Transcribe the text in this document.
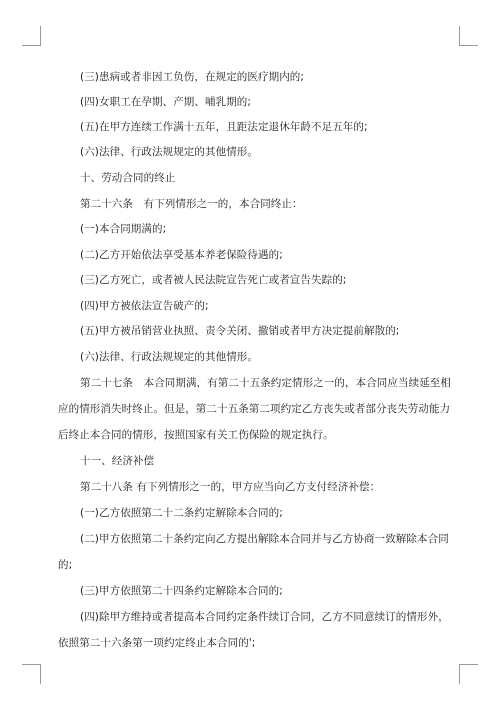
(三)患病或者非因工负伤，在规定的医疗期内的;
(四)女职工在孕期、产期、哺乳期的;
(五)在甲方连续工作满十五年，且距法定退休年龄不足五年的;
(六)法律、行政法规规定的其他情形。
十、劳动合同的终止
第二十六条　有下列情形之一的，本合同终止：
(一)本合同期满的;
(二)乙方开始依法享受基本养老保险待遇的;
(三)乙方死亡，或者被人民法院宣告死亡或者宣告失踪的;
(四)甲方被依法宣告破产的;
(五)甲方被吊销营业执照、责令关闭、撤销或者甲方决定提前解散的;
(六)法律、行政法规规定的其他情形。
第二十七条　本合同期满，有第二十五条约定情形之一的，本合同应当续延至相
应的情形消失时终止。但是，第二十五条第二项约定乙方丧失或者部分丧失劳动能力
后终止本合同的情形，按照国家有关工伤保险的规定执行。
十一、经济补偿
第二十八条 有下列情形之一的，甲方应当向乙方支付经济补偿：
(一)乙方依照第二十二条约定解除本合同的;
(二)甲方依照第二十条约定向乙方提出解除本合同并与乙方协商一致解除本合同
的;
(三)甲方依照第二十四条约定解除本合同的;
(四)除甲方维持或者提高本合同约定条件续订合同，乙方不同意续订的情形外，
依照第二十六条第一项约定终止本合同的';
